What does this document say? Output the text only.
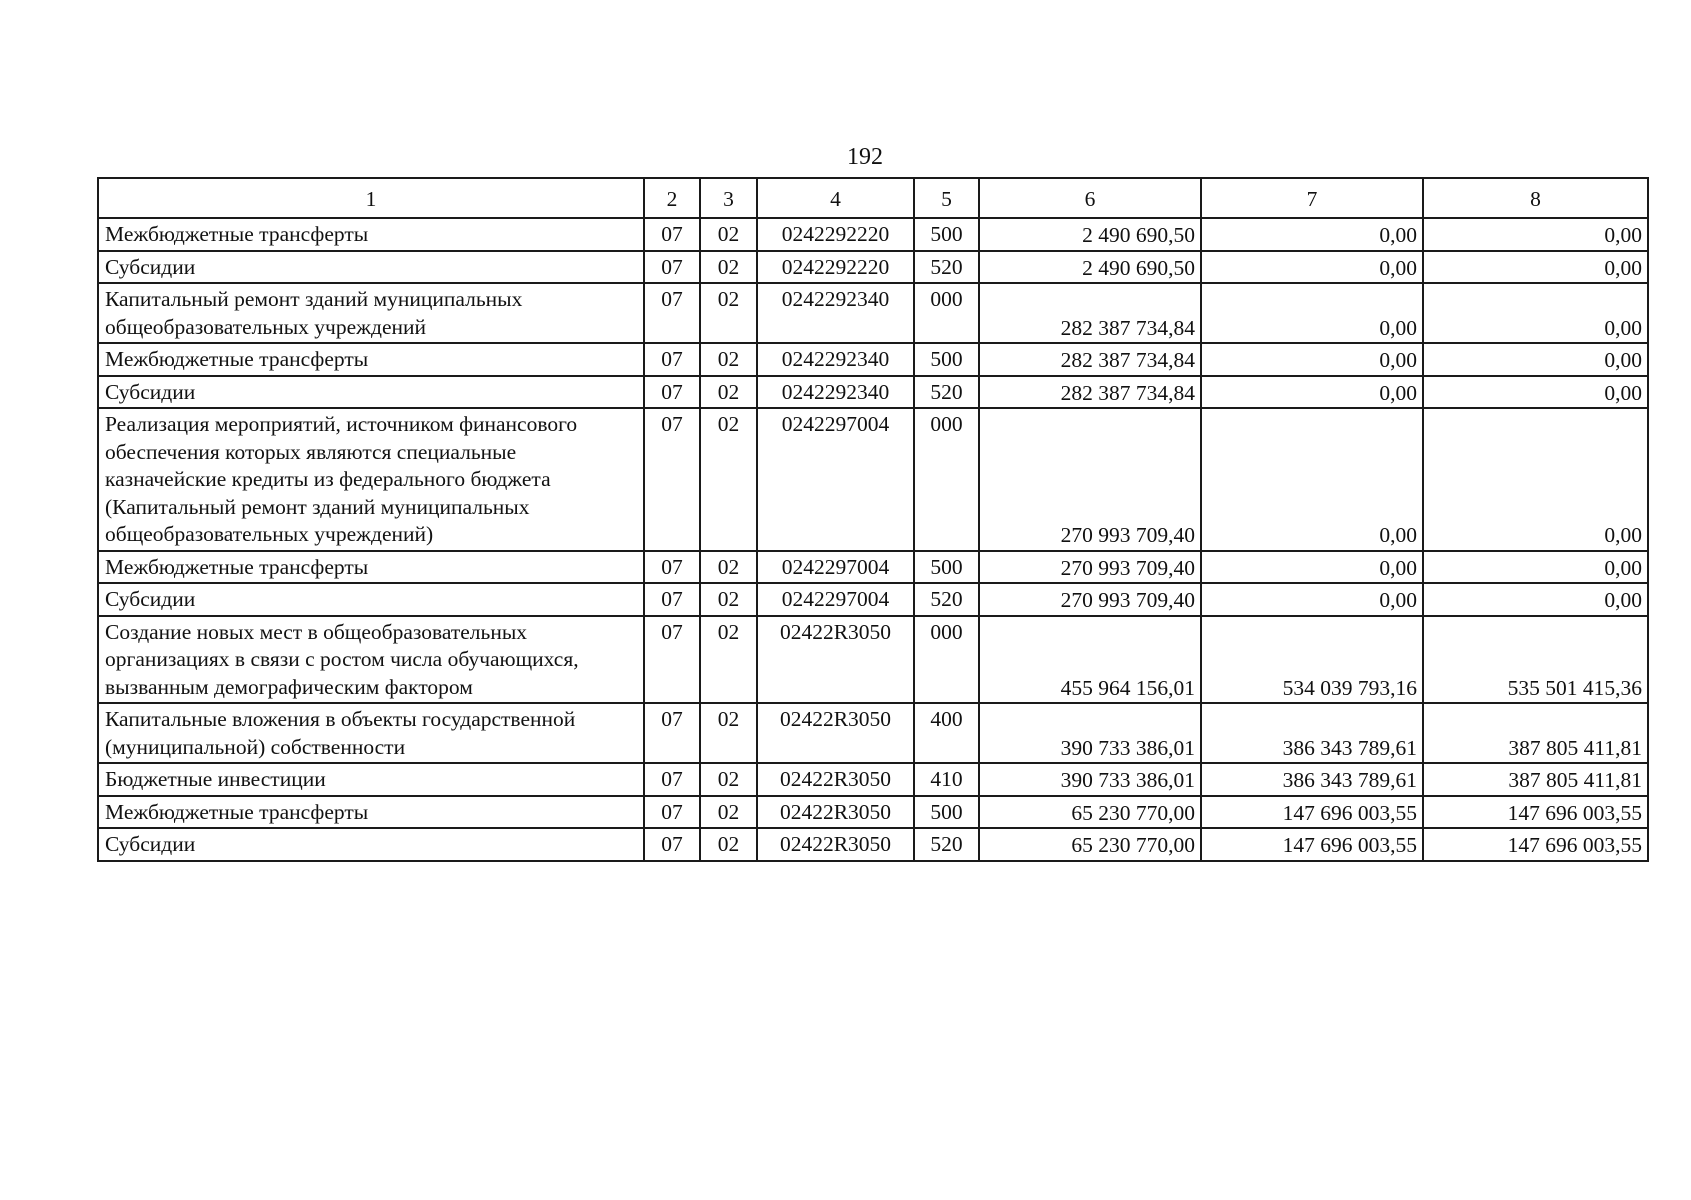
192
1	2	3	4	5	6	7	8
Межбюджетные трансферты	07	02	0242292220	500	2 490 690,50	0,00	0,00
Субсидии	07	02	0242292220	520	2 490 690,50	0,00	0,00
Капитальный ремонт зданий муниципальных общеобразовательных учреждений	07	02	0242292340	000	282 387 734,84	0,00	0,00
Межбюджетные трансферты	07	02	0242292340	500	282 387 734,84	0,00	0,00
Субсидии	07	02	0242292340	520	282 387 734,84	0,00	0,00
Реализация мероприятий, источником финансового обеспечения которых являются специальные казначейские кредиты из федерального бюджета (Капитальный ремонт зданий муниципальных общеобразовательных учреждений)	07	02	0242297004	000	270 993 709,40	0,00	0,00
Межбюджетные трансферты	07	02	0242297004	500	270 993 709,40	0,00	0,00
Субсидии	07	02	0242297004	520	270 993 709,40	0,00	0,00
Создание новых мест в общеобразовательных организациях в связи с ростом числа обучающихся, вызванным демографическим фактором	07	02	02422R3050	000	455 964 156,01	534 039 793,16	535 501 415,36
Капитальные вложения в объекты государственной (муниципальной) собственности	07	02	02422R3050	400	390 733 386,01	386 343 789,61	387 805 411,81
Бюджетные инвестиции	07	02	02422R3050	410	390 733 386,01	386 343 789,61	387 805 411,81
Межбюджетные трансферты	07	02	02422R3050	500	65 230 770,00	147 696 003,55	147 696 003,55
Субсидии	07	02	02422R3050	520	65 230 770,00	147 696 003,55	147 696 003,55
